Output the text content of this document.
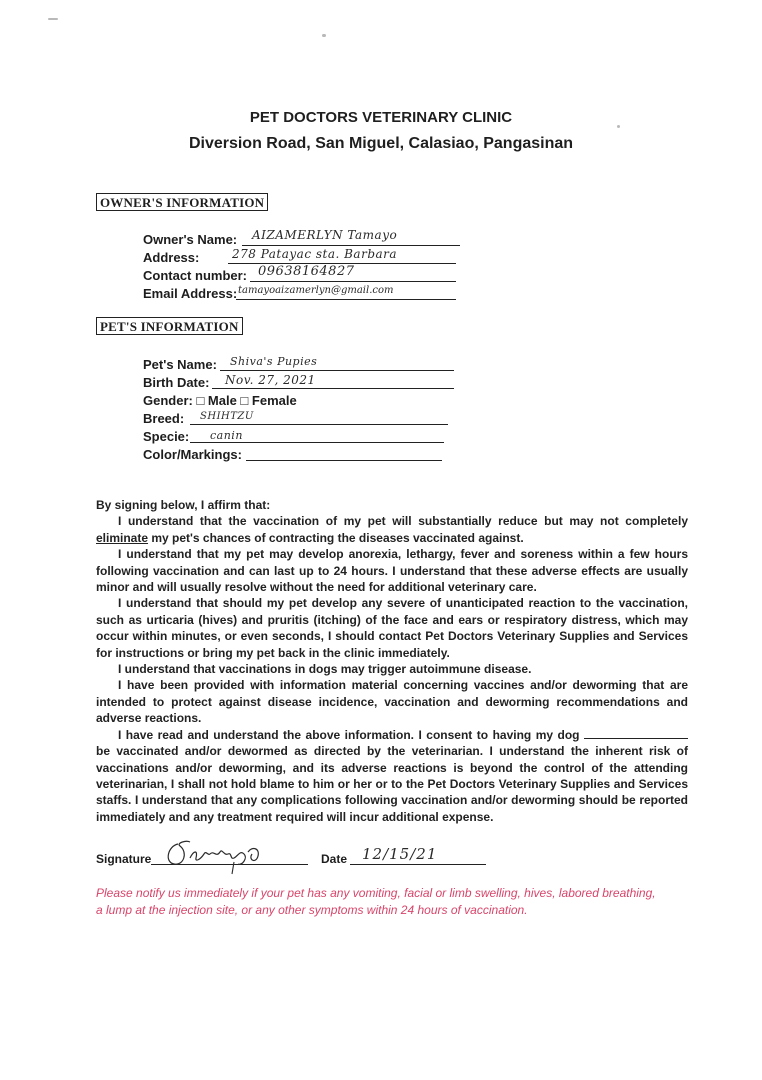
PET DOCTORS VETERINARY CLINIC
Diversion Road, San Miguel, Calasiao, Pangasinan
OWNER'S INFORMATION
Owner's Name: AIZAMERLYN Tamayo
Address:	278 Patayac sta. Barbara
Contact number: 09638164827
Email Address: tamayoaizamerlyn@gmail.com
PET'S INFORMATION
Pet's Name: Shiva's Pupies
Birth Date: Nov. 27, 2021
Gender: □ Male □ Female
Breed: SHIHTZU
Specie: canin
Color/Markings:

By signing below, I affirm that:

I understand that the vaccination of my pet will substantially reduce but may not completely eliminate my pet's chances of contracting the diseases vaccinated against.

I understand that my pet may develop anorexia, lethargy, fever and soreness within a few hours following vaccination and can last up to 24 hours. I understand that these adverse effects are usually minor and will usually resolve without the need for additional veterinary care.

I understand that should my pet develop any severe of unanticipated reaction to the vaccination, such as urticaria (hives) and pruritis (itching) of the face and ears or respiratory distress, which may occur within minutes, or even seconds, I should contact Pet Doctors Veterinary Supplies and Services for instructions or bring my pet back in the clinic immediately.

I understand that vaccinations in dogs may trigger autoimmune disease.

I have been provided with information material concerning vaccines and/or deworming that are intended to protect against disease incidence, vaccination and deworming recommendations and adverse reactions.

I have read and understand the above information. I consent to having my dog  be vaccinated and/or dewormed as directed by the veterinarian. I understand the inherent risk of vaccinations and/or deworming, and its adverse reactions is beyond the control of the attending veterinarian, I shall not hold blame to him or her or to the Pet Doctors Veterinary Supplies and Services staffs. I understand that any complications following vaccination and/or deworming should be reported immediately and any treatment required will incur additional expense.

Signature	Date 12/15/21
Please notify us immediately if your pet has any vomiting, facial or limb swelling, hives, labored breathing, a lump at the injection site, or any other symptoms within 24 hours of vaccination.
